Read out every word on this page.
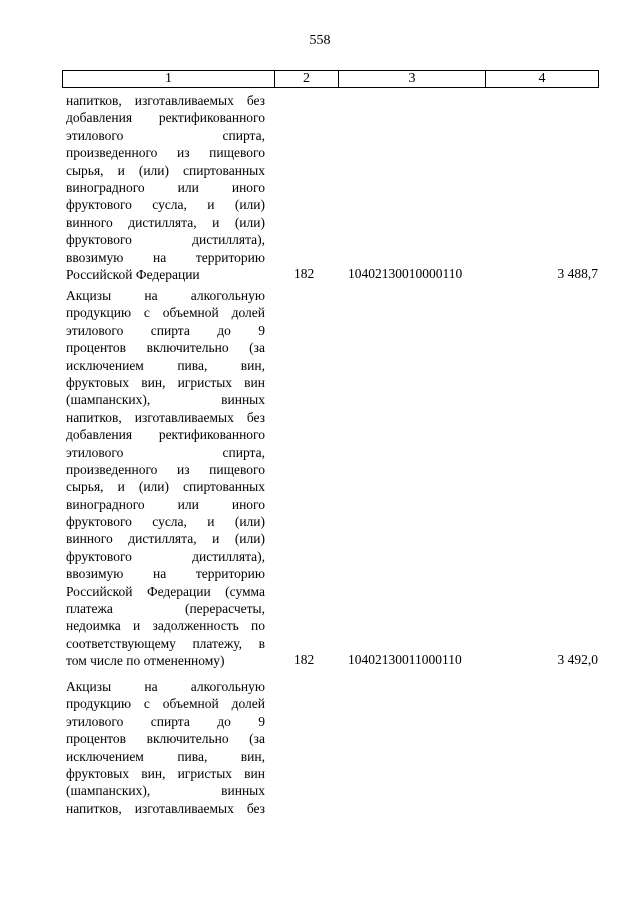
558
1	2	3	4
напитков, изготавливаемых без
добавления ректификованного
этилового спирта,
произведенного из пищевого
сырья, и (или) спиртованных
виноградного или иного
фруктового сусла, и (или)
винного дистиллята, и (или)
фруктового дистиллята),
ввозимую на территорию
Российской Федерации	182	10402130010000110	3 488,7
Акцизы на алкогольную
продукцию с объемной долей
этилового спирта до 9
процентов включительно (за
исключением пива, вин,
фруктовых вин, игристых вин
(шампанских), винных
напитков, изготавливаемых без
добавления ректификованного
этилового спирта,
произведенного из пищевого
сырья, и (или) спиртованных
виноградного или иного
фруктового сусла, и (или)
винного дистиллята, и (или)
фруктового дистиллята),
ввозимую на территорию
Российской Федерации (сумма
платежа (перерасчеты,
недоимка и задолженность по
соответствующему платежу, в
том числе по отмененному)	182	10402130011000110	3 492,0
Акцизы на алкогольную
продукцию с объемной долей
этилового спирта до 9
процентов включительно (за
исключением пива, вин,
фруктовых вин, игристых вин
(шампанских), винных
напитков, изготавливаемых без
